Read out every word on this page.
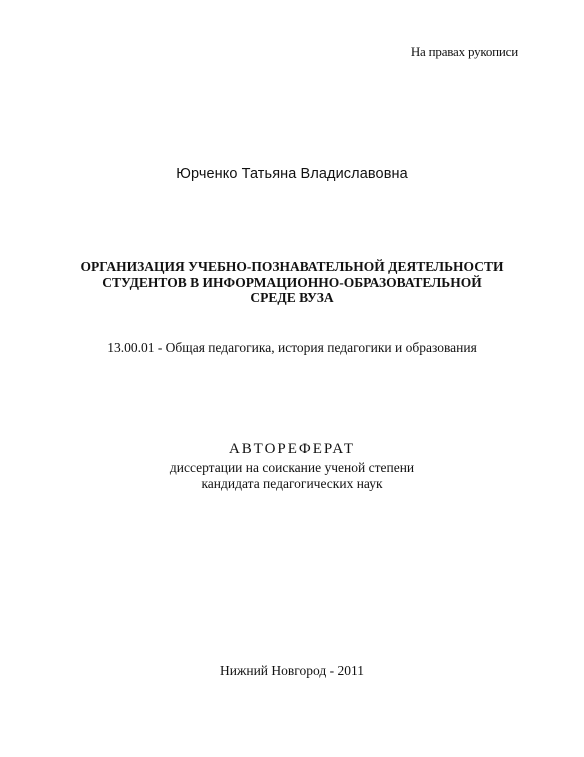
На правах рукописи
Юрченко Татьяна Владиславовна
ОРГАНИЗАЦИЯ УЧЕБНО-ПОЗНАВАТЕЛЬНОЙ ДЕЯТЕЛЬНОСТИ
СТУДЕНТОВ В ИНФОРМАЦИОННО-ОБРАЗОВАТЕЛЬНОЙ
СРЕДЕ ВУЗА
13.00.01 - Общая педагогика, история педагогики и образования
АВТОРЕФЕРАТ
диссертации на соискание ученой степени
кандидата педагогических наук
Нижний Новгород - 2011
